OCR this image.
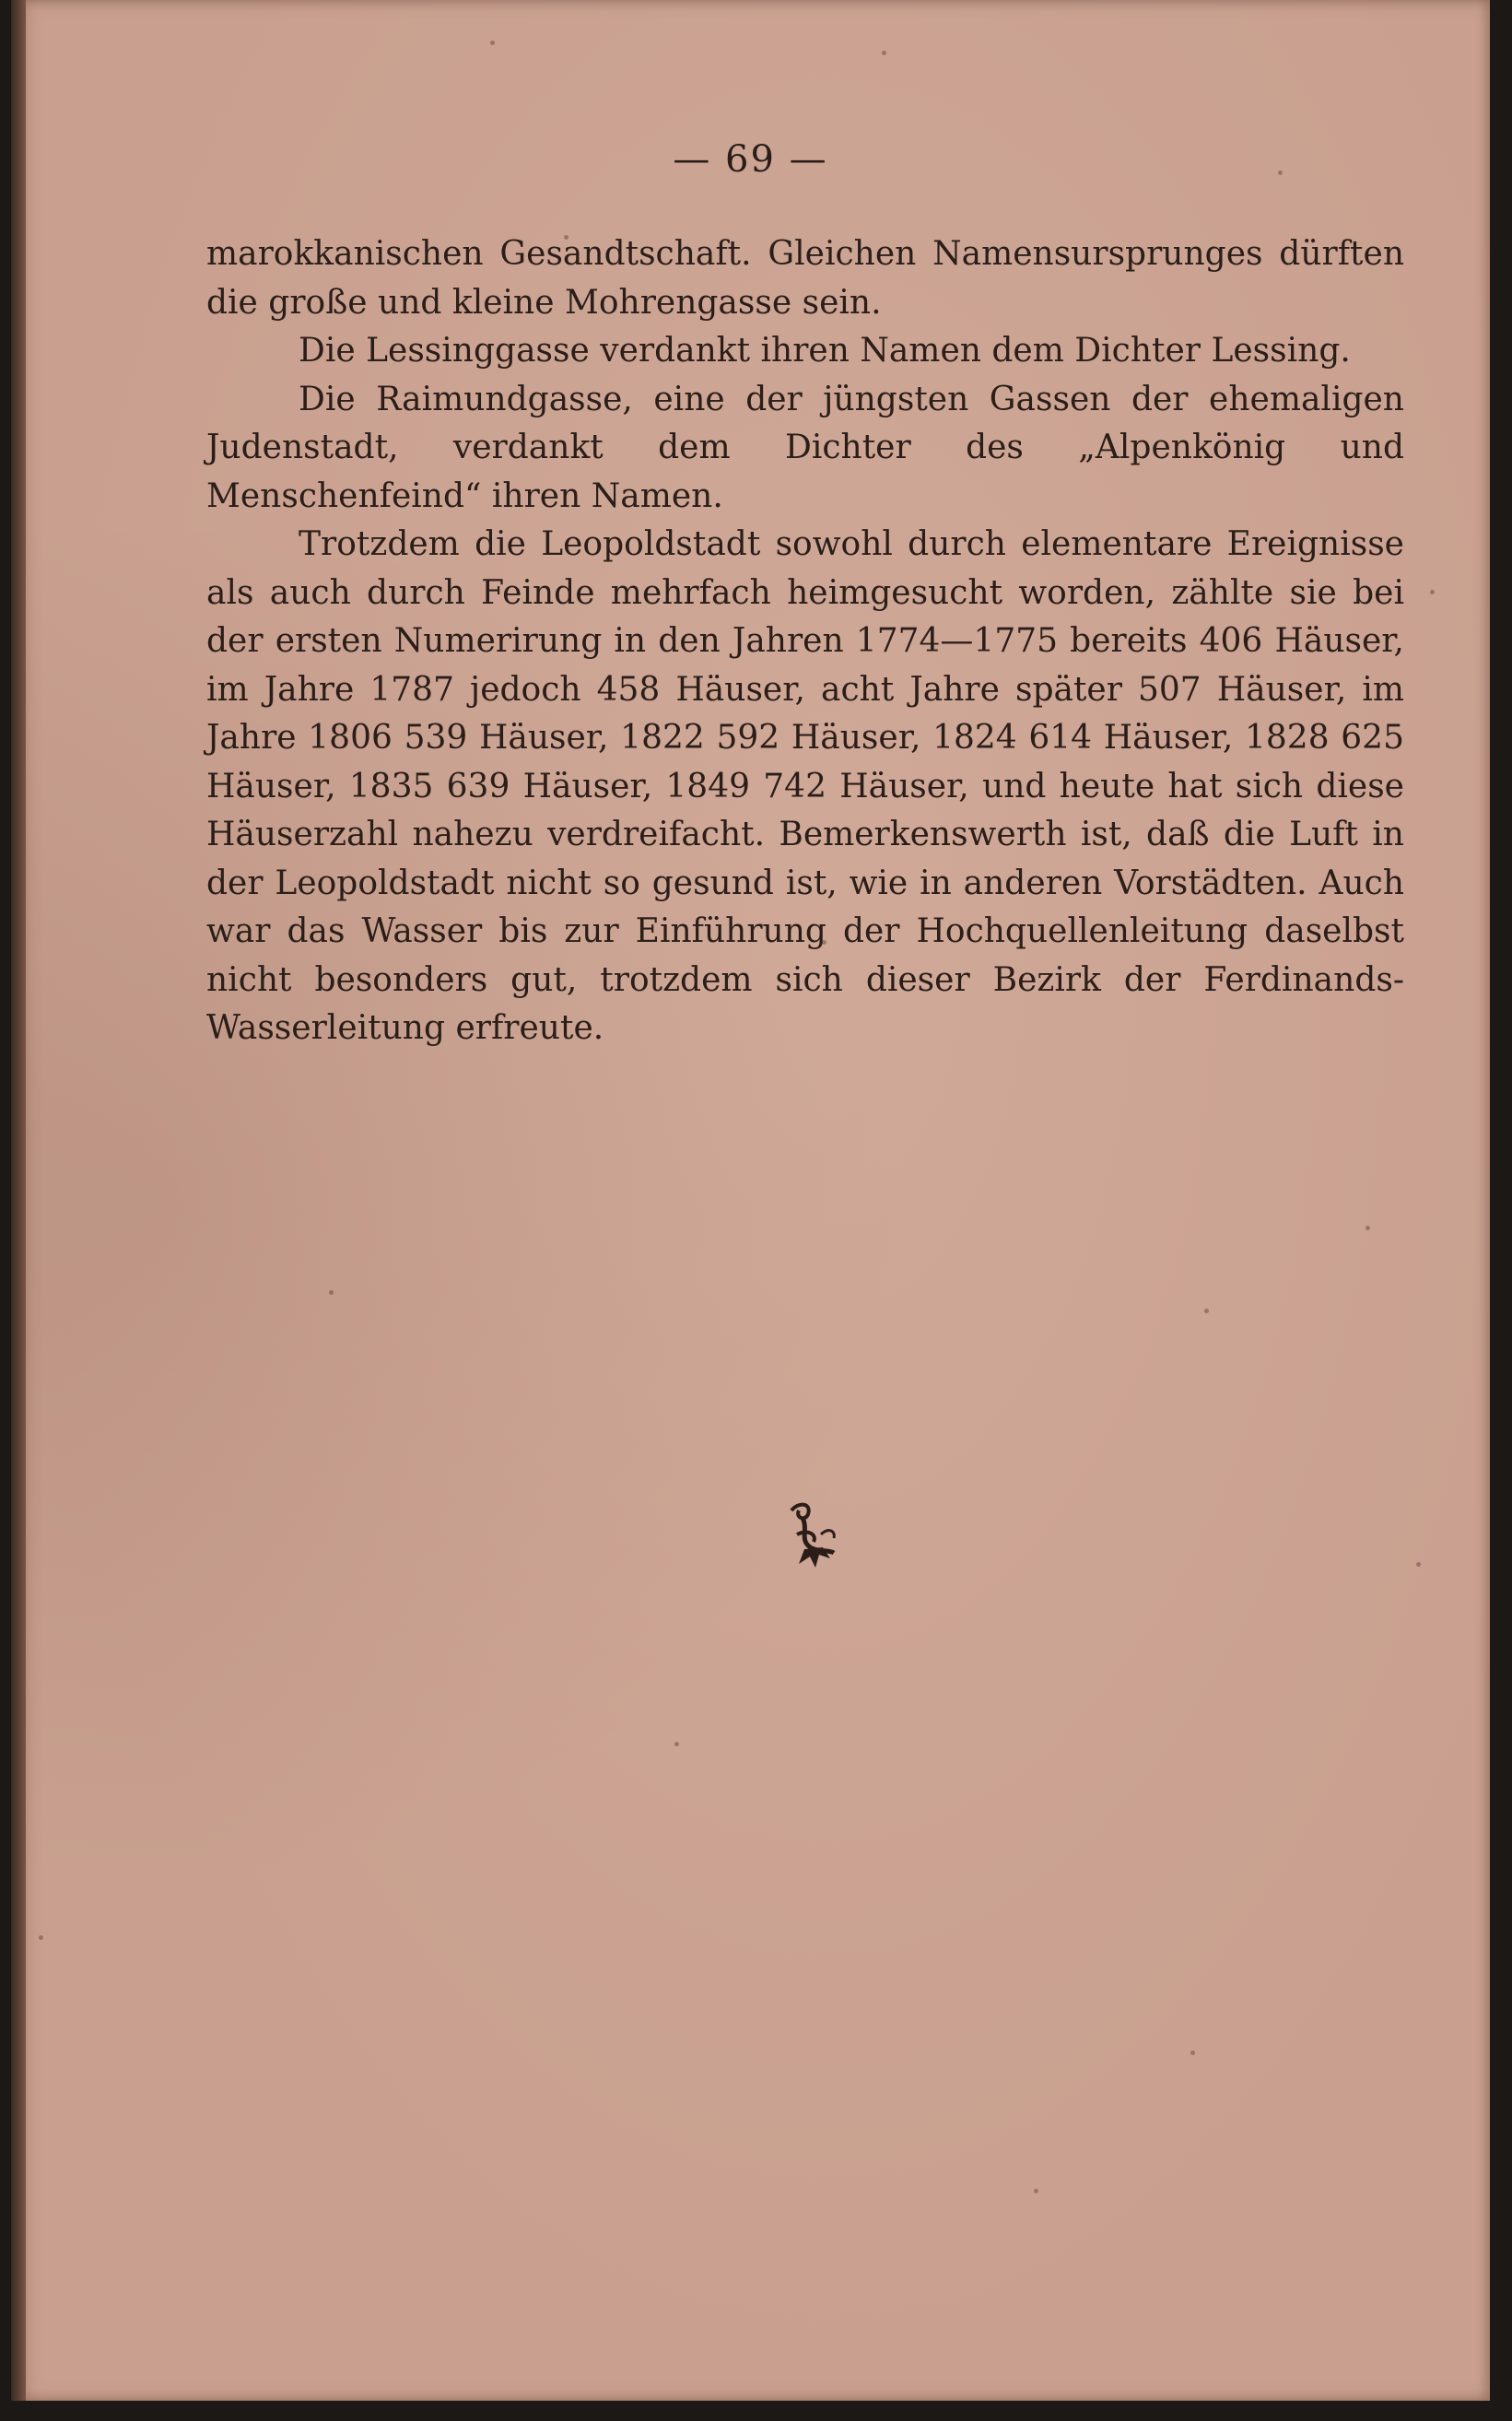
— 69 —

marokkanischen Gesandtschaft. Gleichen Namensursprunges dürften die große und kleine Mohrengasse sein.

Die Lessinggasse verdankt ihren Namen dem Dichter Lessing.

Die Raimundgasse, eine der jüngsten Gassen der ehemaligen Judenstadt, verdankt dem Dichter des „Alpenkönig und Menschenfeind“ ihren Namen.

Trotzdem die Leopoldstadt sowohl durch elementare Ereignisse als auch durch Feinde mehrfach heimgesucht worden, zählte sie bei der ersten Numerirung in den Jahren 1774—1775 bereits 406 Häuser, im Jahre 1787 jedoch 458 Häuser, acht Jahre später 507 Häuser, im Jahre 1806 539 Häuser, 1822 592 Häuser, 1824 614 Häuser, 1828 625 Häuser, 1835 639 Häuser, 1849 742 Häuser, und heute hat sich diese Häuserzahl nahezu verdreifacht. Bemerkenswerth ist, daß die Luft in der Leopoldstadt nicht so gesund ist, wie in anderen Vorstädten. Auch war das Wasser bis zur Einführung der Hochquellenleitung daselbst nicht besonders gut, trotzdem sich dieser Bezirk der Ferdinands-Wasserleitung erfreute.
